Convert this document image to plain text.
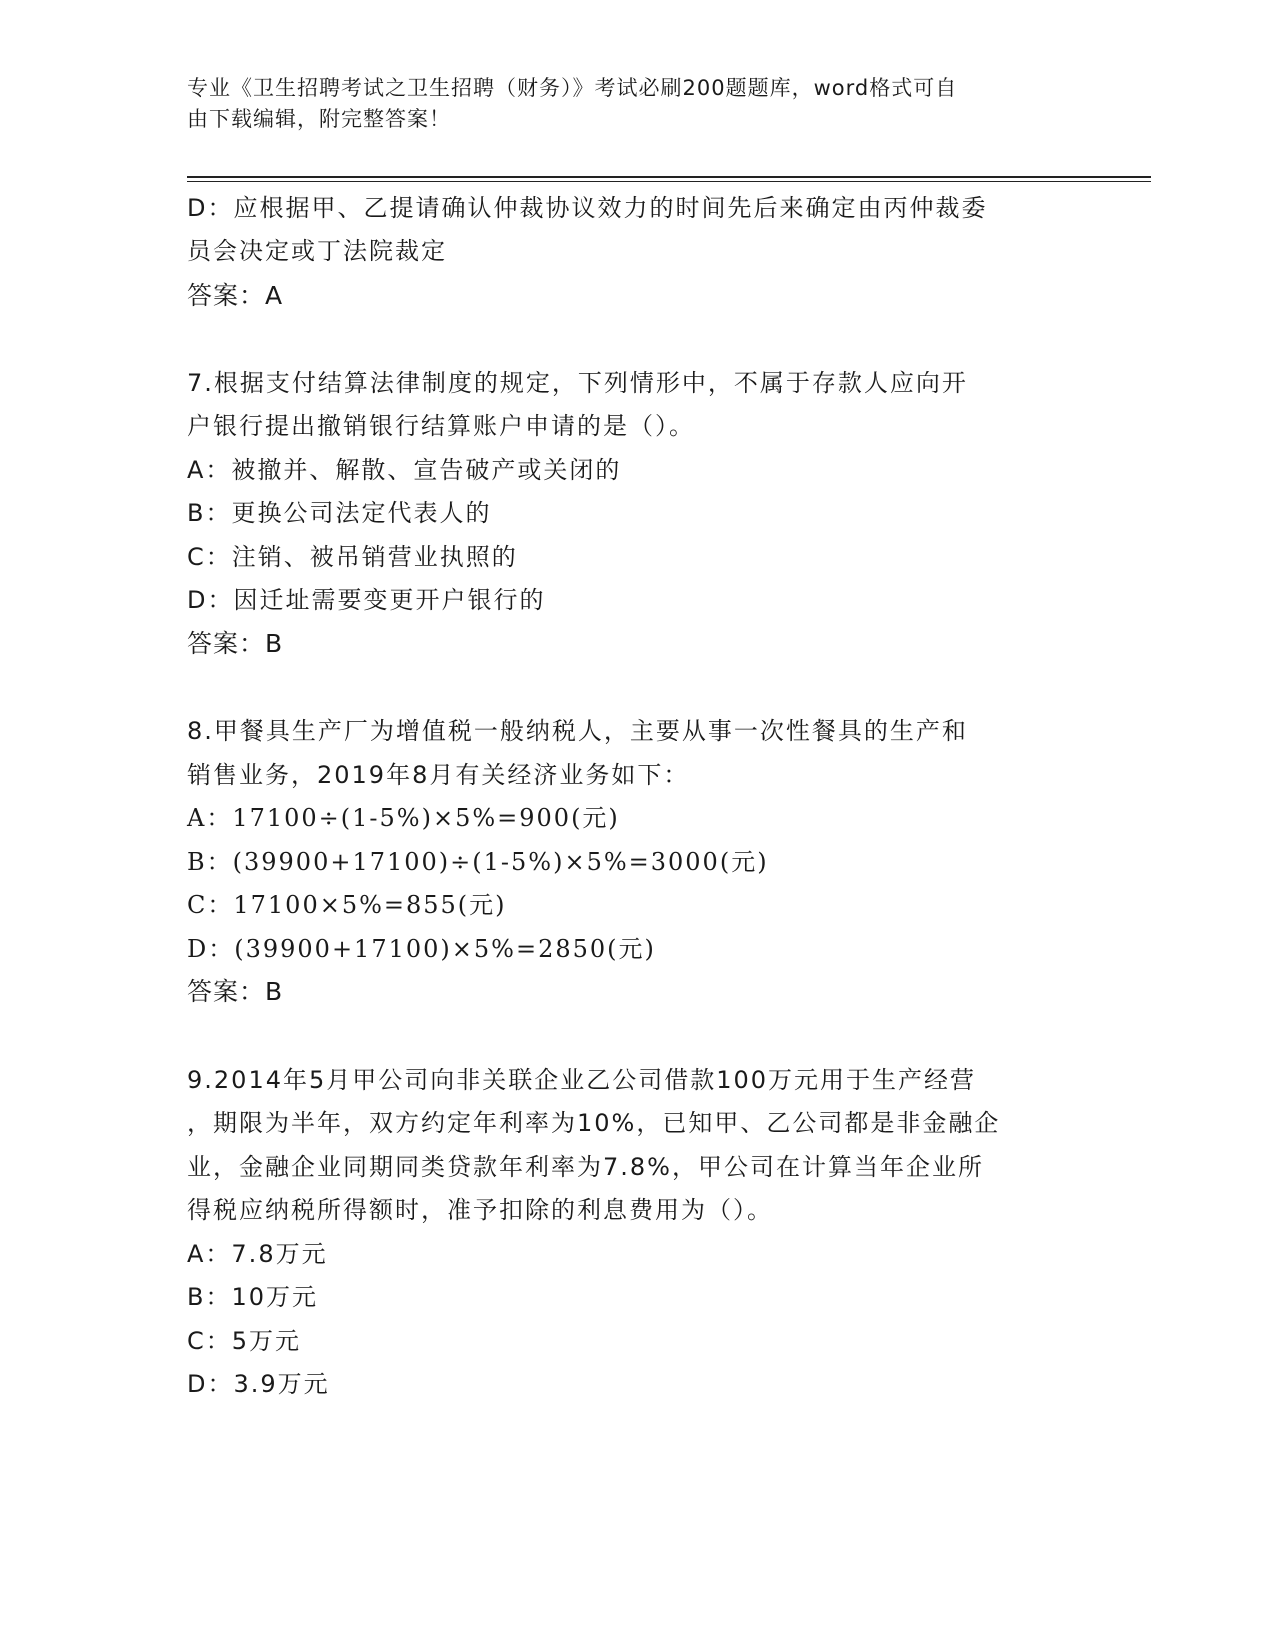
专业《卫生招聘考试之卫生招聘（财务）》考试必刷200题题库，word格式可自
由下载编辑，附完整答案！
D：应根据甲、乙提请确认仲裁协议效力的时间先后来确定由丙仲裁委
员会决定或丁法院裁定
答案：A
7.根据支付结算法律制度的规定，下列情形中，不属于存款人应向开
户银行提出撤销银行结算账户申请的是（）。
A：被撤并、解散、宣告破产或关闭的
B：更换公司法定代表人的
C：注销、被吊销营业执照的
D：因迁址需要变更开户银行的
答案：B
8.甲餐具生产厂为增值税一般纳税人，主要从事一次性餐具的生产和
销售业务，2019年8月有关经济业务如下：
A：17100÷(1-5%)×5%=900(元)
B：(39900+17100)÷(1-5%)×5%=3000(元)
C：17100×5%=855(元)
D：(39900+17100)×5%=2850(元)
答案：B
9.2014年5月甲公司向非关联企业乙公司借款100万元用于生产经营
，期限为半年，双方约定年利率为10%，已知甲、乙公司都是非金融企
业，金融企业同期同类贷款年利率为7.8%，甲公司在计算当年企业所
得税应纳税所得额时，准予扣除的利息费用为（）。
A：7.8万元
B：10万元
C：5万元
D：3.9万元
